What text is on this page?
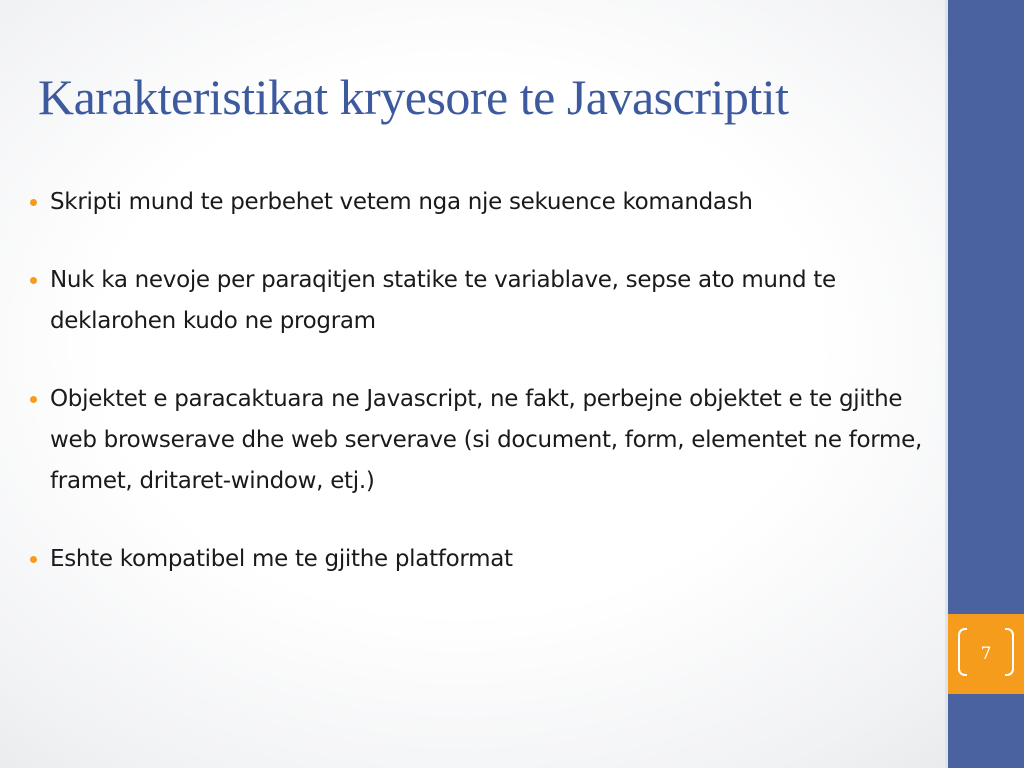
Karakteristikat kryesore te Javascriptit
Skripti mund te perbehet vetem nga nje sekuence komandash
Nuk ka nevoje per paraqitjen statike te variablave, sepse ato mund te deklarohen kudo ne program
Objektet e paracaktuara ne Javascript, ne fakt, perbejne objektet e te gjithe web browserave dhe web serverave (si document, form, elementet ne forme, framet, dritaret-window, etj.)
Eshte kompatibel me te gjithe platformat
7
